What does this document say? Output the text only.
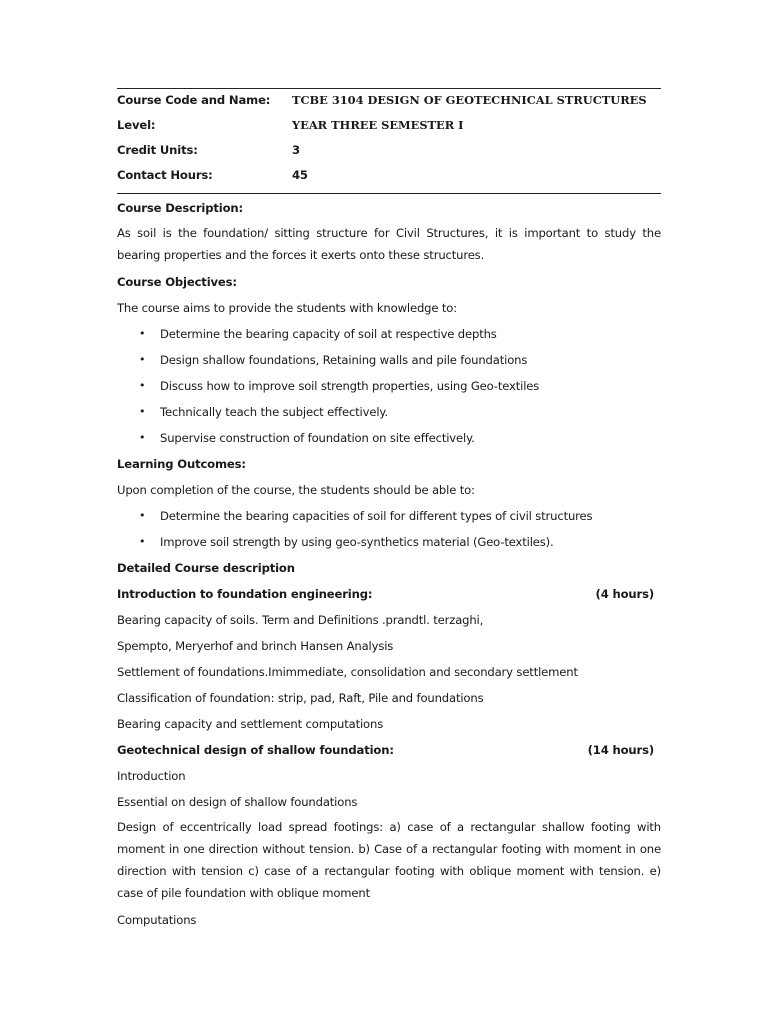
Course Code and Name:	TCBE 3104 DESIGN OF GEOTECHNICAL STRUCTURES
Level:	YEAR THREE SEMESTER I
Credit Units:	3
Contact Hours:	45

Course Description:

As soil is the foundation/ sitting structure for Civil Structures, it is important to study the bearing properties and the forces it exerts onto these structures.

Course Objectives:

The course aims to provide the students with knowledge to:

• Determine the bearing capacity of soil at respective depths
• Design shallow foundations, Retaining walls and pile foundations
• Discuss how to improve soil strength properties, using Geo-textiles
• Technically teach the subject effectively.
• Supervise construction of foundation on site effectively.

Learning Outcomes:

Upon completion of the course, the students should be able to:

• Determine the bearing capacities of soil for different types of civil structures
• Improve soil strength by using geo-synthetics material (Geo-textiles).

Detailed Course description

Introduction to foundation engineering:	(4 hours)

Bearing capacity of soils. Term and Definitions .prandtl. terzaghi,

Spempto, Meryerhof and brinch Hansen Analysis

Settlement of foundations.Imimmediate, consolidation and secondary settlement

Classification of foundation: strip, pad, Raft, Pile and foundations

Bearing capacity and settlement computations

Geotechnical design of shallow foundation:	(14 hours)

Introduction

Essential on design of shallow foundations

Design of eccentrically load spread footings: a) case of a rectangular shallow footing with moment in one direction without tension. b) Case of a rectangular footing with moment in one direction with tension c) case of a rectangular footing with oblique moment with tension. e) case of pile foundation with oblique moment

Computations
